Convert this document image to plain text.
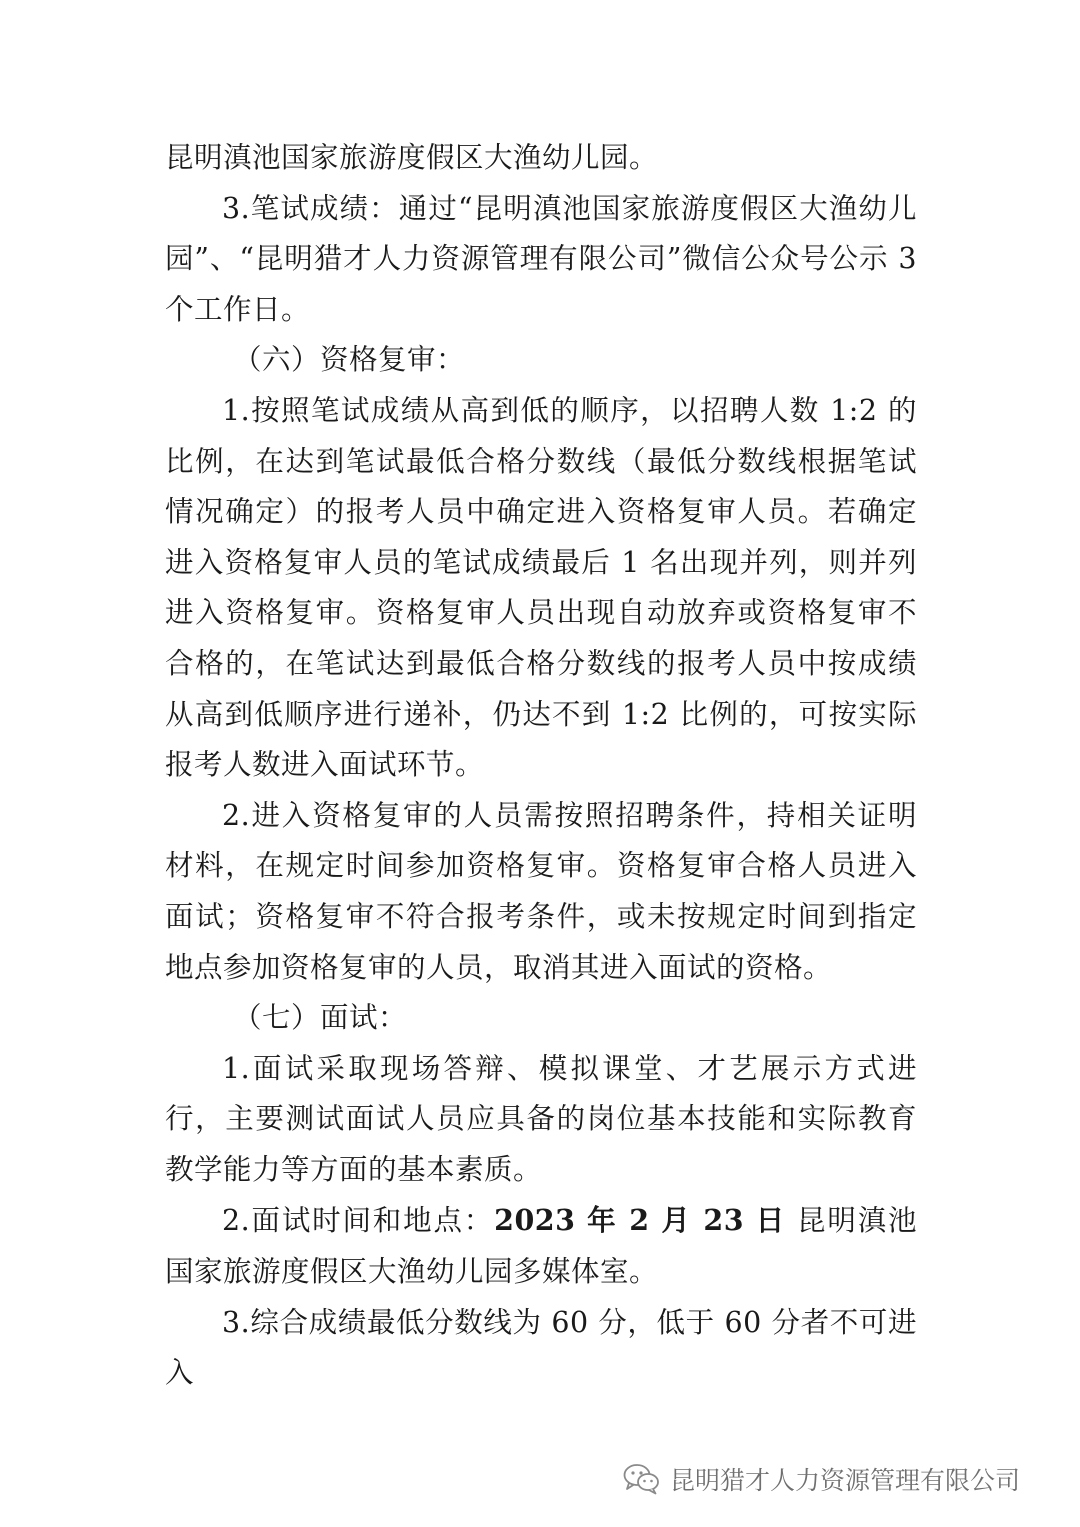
昆明滇池国家旅游度假区大渔幼儿园。

3.笔试成绩：通过“昆明滇池国家旅游度假区大渔幼儿园”、“昆明猎才人力资源管理有限公司”微信公众号公示 3 个工作日。

（六）资格复审：

1.按照笔试成绩从高到低的顺序，以招聘人数 1:2 的比例，在达到笔试最低合格分数线（最低分数线根据笔试情况确定）的报考人员中确定进入资格复审人员。若确定进入资格复审人员的笔试成绩最后 1 名出现并列，则并列进入资格复审。资格复审人员出现自动放弃或资格复审不合格的，在笔试达到最低合格分数线的报考人员中按成绩从高到低顺序进行递补，仍达不到 1:2 比例的，可按实际报考人数进入面试环节。

2.进入资格复审的人员需按照招聘条件，持相关证明材料，在规定时间参加资格复审。资格复审合格人员进入面试；资格复审不符合报考条件，或未按规定时间到指定地点参加资格复审的人员，取消其进入面试的资格。

（七）面试：

1.面试采取现场答辩、模拟课堂、才艺展示方式进行，主要测试面试人员应具备的岗位基本技能和实际教育教学能力等方面的基本素质。

2.面试时间和地点：2023 年 2 月 23 日 昆明滇池国家旅游度假区大渔幼儿园多媒体室。

3.综合成绩最低分数线为 60 分，低于 60 分者不可进入

昆明猎才人力资源管理有限公司
